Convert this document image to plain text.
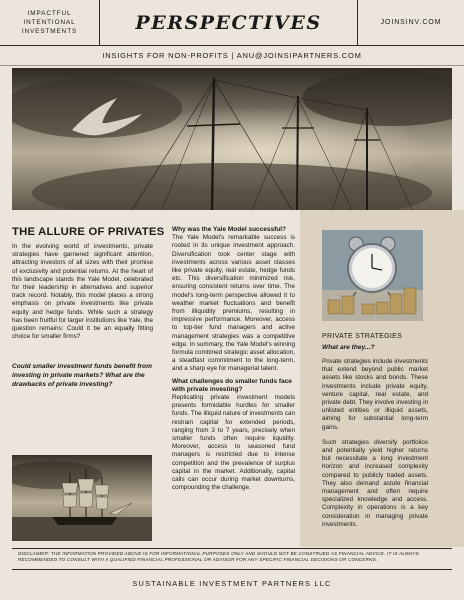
IMPACTFUL
INTENTIONAL
INVESTMENTS	PERSPECTIVES	JOINSINV.COM
INSIGHTS FOR NON-PROFITS | ANU@JOINSIPARTNERS.COM
THE ALLURE OF PRIVATES

In the evolving world of investments, private strategies have garnered significant attention, attracting investors of all sizes with their promise of exclusivity and potential returns. At the heart of this landscape stands the Yale Model, celebrated for their leadership in alternatives and superior track record. Notably, this model places a strong emphasis on private investments like private equity and hedge funds. While such a strategy has been fruitful for larger institutions like Yale, the question remains: Could it be an equally fitting choice for smaller firms?

Could smaller investment funds benefit from investing in private markets? What are the drawbacks of private investing?

Why was the Yale Model successful?

The Yale Model's remarkable success is rooted in its unique investment approach. Diversification took center stage with investments across various asset classes like private equity, real estate, hedge funds etc. This diversification minimized risk, ensuring consistent returns over time. The model's long-term perspective allowed it to weather market fluctuations and benefit from illiquidity premiums, resulting in impressive performance. Moreover, access to top-tier fund managers and active management strategies was a competitive edge. In summary, the Yale Model's winning formula combined strategic asset allocation, a steadfast commitment to the long-term, and a sharp eye for managerial talent.

What challenges do smaller funds face with private investing?

Replicating private investment models presents formidable hurdles for smaller funds. The illiquid nature of investments can restrain capital for extended periods, ranging from 3 to 7 years, precisely when smaller funds often require liquidity. Moreover, access to seasoned fund managers is restricted due to intense competition and the prevalence of surplus capital in the market. Additionally, capital calls can occur during market downturns, compounding the challenge.

PRIVATE STRATEGIES
What are they...?

Private strategies include investments that extend beyond public market assets like stocks and bonds. These investments include private equity, venture capital, real estate, and private debt. They involve investing in unlisted entities or illiquid assets, aiming for substantial long-term gains.

Such strategies diversify portfolios and potentially yield higher returns but necessitate a long investment horizon and increased complexity compared to publicly traded assets. They also demand astute financial management and often require specialized knowledge and access. Complexity in operations is a key consideration in managing private investments.

DISCLAIMER: THE INFORMATION PROVIDED ABOVE IS FOR INFORMATIONAL PURPOSES ONLY AND SHOULD NOT BE CONSTRUED AS FINANCIAL ADVICE. IT IS ALWAYS RECOMMENDED TO CONSULT WITH A QUALIFIED FINANCIAL PROFESSIONAL OR ADVISOR FOR ANY SPECIFIC FINANCIAL DECISIONS OR CONCERNS.
SUSTAINABLE INVESTMENT PARTNERS LLC
